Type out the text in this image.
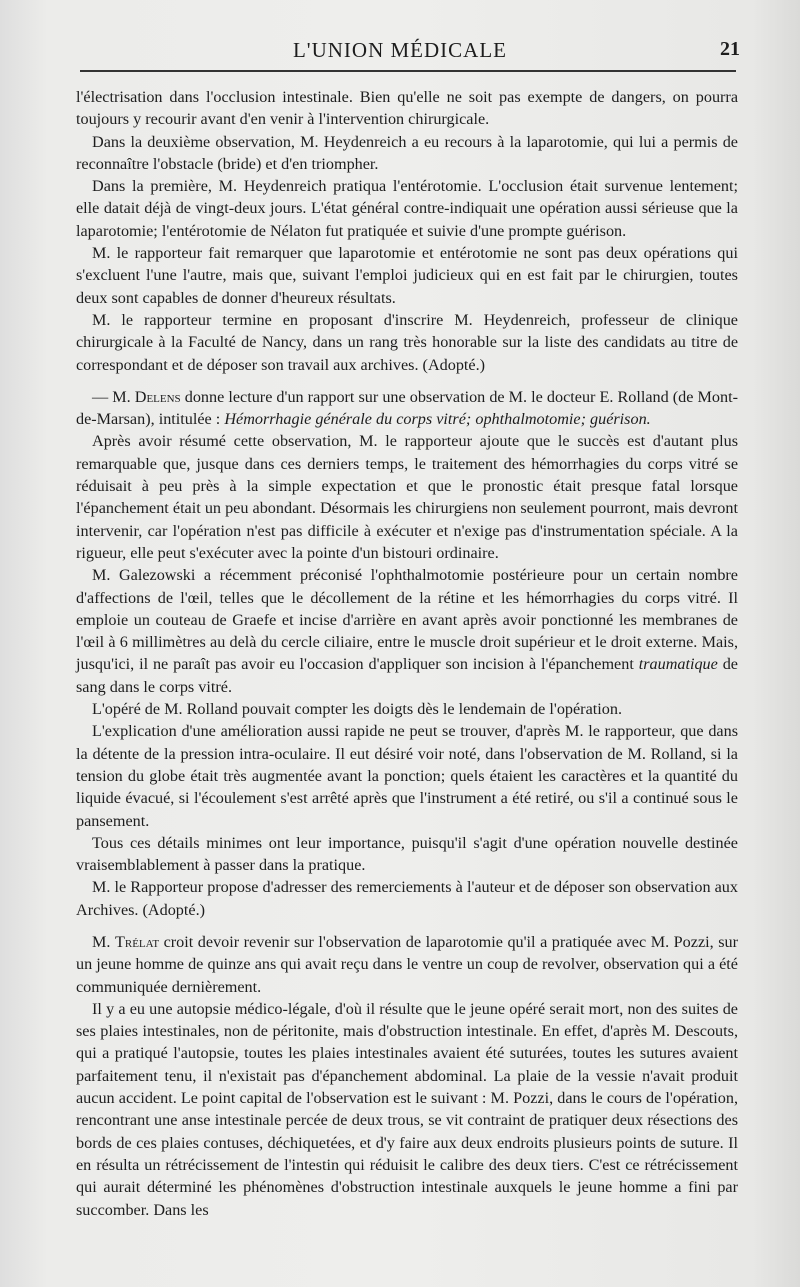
L'UNION MÉDICALE	21

l'électrisation dans l'occlusion intestinale. Bien qu'elle ne soit pas exempte de dangers, on pourra toujours y recourir avant d'en venir à l'intervention chirurgicale.

Dans la deuxième observation, M. Heydenreich a eu recours à la laparotomie, qui lui a permis de reconnaître l'obstacle (bride) et d'en triompher.

Dans la première, M. Heydenreich pratiqua l'entérotomie. L'occlusion était survenue lentement; elle datait déjà de vingt-deux jours. L'état général contre-indiquait une opération aussi sérieuse que la laparotomie; l'entérotomie de Nélaton fut pratiquée et suivie d'une prompte guérison.

M. le rapporteur fait remarquer que laparotomie et entérotomie ne sont pas deux opérations qui s'excluent l'une l'autre, mais que, suivant l'emploi judicieux qui en est fait par le chirurgien, toutes deux sont capables de donner d'heureux résultats.

M. le rapporteur termine en proposant d'inscrire M. Heydenreich, professeur de clinique chirurgicale à la Faculté de Nancy, dans un rang très honorable sur la liste des candidats au titre de correspondant et de déposer son travail aux archives. (Adopté.)

— M. Delens donne lecture d'un rapport sur une observation de M. le docteur E. Rolland (de Mont-de-Marsan), intitulée : Hémorrhagie générale du corps vitré; ophthalmotomie; guérison.

Après avoir résumé cette observation, M. le rapporteur ajoute que le succès est d'autant plus remarquable que, jusque dans ces derniers temps, le traitement des hémorrhagies du corps vitré se réduisait à peu près à la simple expectation et que le pronostic était presque fatal lorsque l'épanchement était un peu abondant. Désormais les chirurgiens non seulement pourront, mais devront intervenir, car l'opération n'est pas difficile à exécuter et n'exige pas d'instrumentation spéciale. A la rigueur, elle peut s'exécuter avec la pointe d'un bistouri ordinaire.

M. Galezowski a récemment préconisé l'ophthalmotomie postérieure pour un certain nombre d'affections de l'œil, telles que le décollement de la rétine et les hémorrhagies du corps vitré. Il emploie un couteau de Graefe et incise d'arrière en avant après avoir ponctionné les membranes de l'œil à 6 millimètres au delà du cercle ciliaire, entre le muscle droit supérieur et le droit externe. Mais, jusqu'ici, il ne paraît pas avoir eu l'occasion d'appliquer son incision à l'épanchement traumatique de sang dans le corps vitré.

L'opéré de M. Rolland pouvait compter les doigts dès le lendemain de l'opération.

L'explication d'une amélioration aussi rapide ne peut se trouver, d'après M. le rapporteur, que dans la détente de la pression intra-oculaire. Il eut désiré voir noté, dans l'observation de M. Rolland, si la tension du globe était très augmentée avant la ponction; quels étaient les caractères et la quantité du liquide évacué, si l'écoulement s'est arrêté après que l'instrument a été retiré, ou s'il a continué sous le pansement.

Tous ces détails minimes ont leur importance, puisqu'il s'agit d'une opération nouvelle destinée vraisemblablement à passer dans la pratique.

M. le Rapporteur propose d'adresser des remerciements à l'auteur et de déposer son observation aux Archives. (Adopté.)

M. Trélat croit devoir revenir sur l'observation de laparotomie qu'il a pratiquée avec M. Pozzi, sur un jeune homme de quinze ans qui avait reçu dans le ventre un coup de revolver, observation qui a été communiquée dernièrement.

Il y a eu une autopsie médico-légale, d'où il résulte que le jeune opéré serait mort, non des suites de ses plaies intestinales, non de péritonite, mais d'obstruction intestinale. En effet, d'après M. Descouts, qui a pratiqué l'autopsie, toutes les plaies intestinales avaient été suturées, toutes les sutures avaient parfaitement tenu, il n'existait pas d'épanchement abdominal. La plaie de la vessie n'avait produit aucun accident. Le point capital de l'observation est le suivant : M. Pozzi, dans le cours de l'opération, rencontrant une anse intestinale percée de deux trous, se vit contraint de pratiquer deux résections des bords de ces plaies contuses, déchiquetées, et d'y faire aux deux endroits plusieurs points de suture. Il en résulta un rétrécissement de l'intestin qui réduisit le calibre des deux tiers. C'est ce rétrécissement qui aurait déterminé les phénomènes d'obstruction intestinale auxquels le jeune homme a fini par succomber. Dans les
